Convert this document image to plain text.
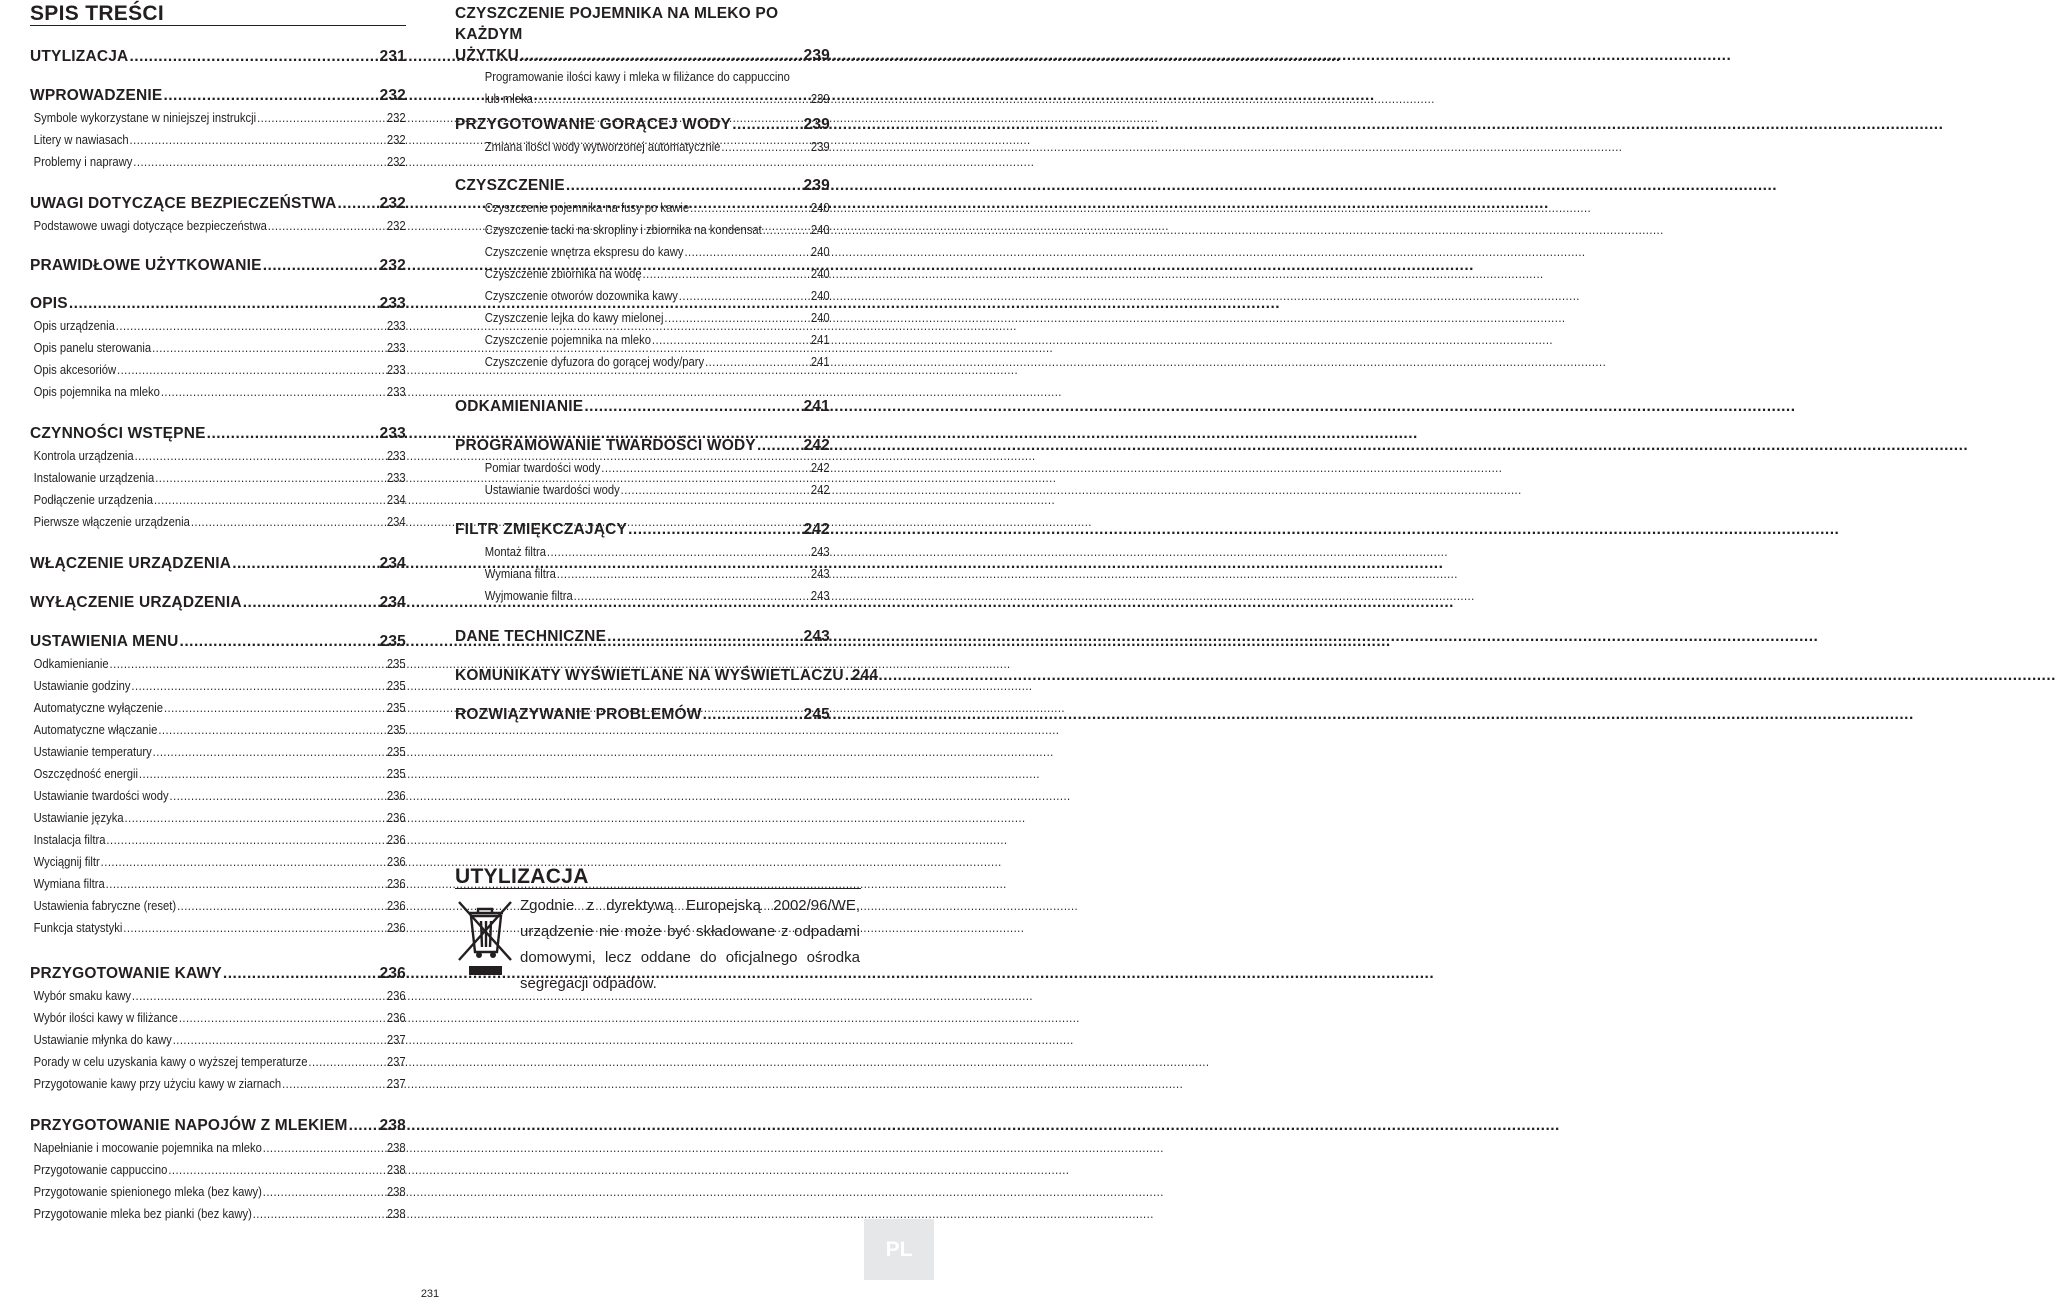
SPIS TREŚCI
UTYLIZACJA .....	231
WPROWADZENIE .....	232
Symbole wykorzystane w niniejszej instrukcji .....	232
Litery w nawiasach .....	232
Problemy i naprawy .....	232
UWAGI DOTYCZĄCE BEZPIECZEŃSTWA .....	232
Podstawowe uwagi dotyczące bezpieczeństwa .....	232
PRAWIDŁOWE UŻYTKOWANIE .....	232
OPIS .....	233
Opis urządzenia .....	233
Opis panelu sterowania .....	233
Opis akcesoriów .....	233
Opis pojemnika na mleko .....	233
CZYNNOŚCI WSTĘPNE .....	233
Kontrola urządzenia .....	233
Instalowanie urządzenia .....	233
Podłączenie urządzenia .....	234
Pierwsze włączenie urządzenia .....	234
WŁĄCZENIE URZĄDZENIA .....	234
WYŁĄCZENIE URZĄDZENIA .....	234
USTAWIENIA MENU .....	235
Odkamienianie .....	235
Ustawianie godziny .....	235
Automatyczne wyłączenie .....	235
Automatyczne włączanie .....	235
Ustawianie temperatury .....	235
Oszczędność energii .....	235
Ustawianie twardości wody .....	236
Ustawianie języka .....	236
Instalacja filtra .....	236
Wyciągnij filtr .....	236
Wymiana filtra .....	236
Ustawienia fabryczne (reset) .....	236
Funkcja statystyki .....	236
PRZYGOTOWANIE KAWY .....	236
Wybór smaku kawy .....	236
Wybór ilości kawy w filiżance .....	236
Ustawianie młynka do kawy .....	237
Porady w celu uzyskania kawy o wyższej temperaturze .....	237
Przygotowanie kawy przy użyciu kawy w ziarnach .....	237
PRZYGOTOWANIE NAPOJÓW Z MLEKIEM ..... 238
Napełnianie i mocowanie pojemnika na mleko .....	238
Przygotowanie cappuccino .....	238
Przygotowanie spienionego mleka (bez kawy) .....	238
Przygotowanie mleka bez pianki (bez kawy) .....	238
CZYSZCZENIE POJEMNIKA NA MLEKO PO KAŻDYM
UŻYTKU .....	239
Programowanie ilości kawy i mleka w filiżance do cappuccino
lub mleka .....	239
PRZYGOTOWANIE GORĄCEJ WODY .....	239
Zmiana ilości wody wytworzonej automatycznie .....	239
CZYSZCZENIE .....	239
Czyszczenie pojemnika na fusy po kawie .....	240
Czyszczenie tacki na skropliny i zbiornika na kondensat .....	240
Czyszczenie wnętrza ekspresu do kawy .....	240
Czyszczenie zbiornika na wodę .....	240
Czyszczenie otworów dozownika kawy .....	240
Czyszczenie lejka do kawy mielonej .....	240
Czyszczenie pojemnika na mleko .....	241
Czyszczenie dyfuzora do gorącej wody/pary .....	241
ODKAMIENIANIE .....	241
PROGRAMOWANIE TWARDOŚCI WODY .....	242
Pomiar twardości wody .....	242
Ustawianie twardości wody .....	242
FILTR ZMIĘKCZAJĄCY .....	242
Montaż filtra .....	243
Wymiana filtra .....	243
Wyjmowanie filtra .....	243
DANE TECHNICZNE .....	243
KOMUNIKATY WYŚWIETLANE NA WYŚWIETLACZU ..... 244
ROZWIĄZYWANIE PROBLEMÓW .....	245
UTYLIZACJA
Zgodnie z dyrektywą Europejską 2002/96/WE, urządzenie nie może być składowane z odpadami domowymi, lecz oddane do oficjalnego ośrodka segregacji odpadów.
PL
231
